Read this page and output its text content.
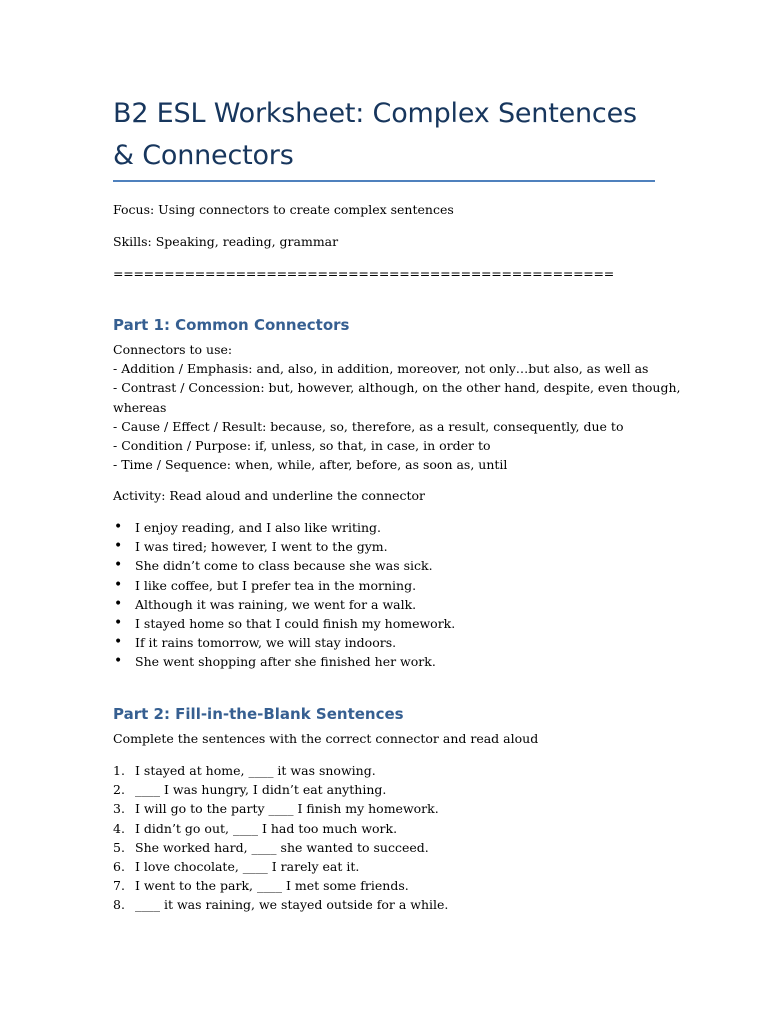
B2 ESL Worksheet: Complex Sentences & Connectors
Focus: Using connectors to create complex sentences
Skills: Speaking, reading, grammar
=================================================
Part 1: Common Connectors
Connectors to use:
- Addition / Emphasis: and, also, in addition, moreover, not only…but also, as well as
- Contrast / Concession: but, however, although, on the other hand, despite, even though,
whereas
- Cause / Effect / Result: because, so, therefore, as a result, consequently, due to
- Condition / Purpose: if, unless, so that, in case, in order to
- Time / Sequence: when, while, after, before, as soon as, until
Activity: Read aloud and underline the connector
•	I enjoy reading, and I also like writing.
•	I was tired; however, I went to the gym.
•	She didn’t come to class because she was sick.
•	I like coffee, but I prefer tea in the morning.
•	Although it was raining, we went for a walk.
•	I stayed home so that I could finish my homework.
•	If it rains tomorrow, we will stay indoors.
•	She went shopping after she finished her work.
Part 2: Fill-in-the-Blank Sentences
Complete the sentences with the correct connector and read aloud
1. I stayed at home, ____ it was snowing.
2. ____ I was hungry, I didn’t eat anything.
3. I will go to the party ____ I finish my homework.
4. I didn’t go out, ____ I had too much work.
5. She worked hard, ____ she wanted to succeed.
6. I love chocolate, ____ I rarely eat it.
7. I went to the park, ____ I met some friends.
8. ____ it was raining, we stayed outside for a while.
